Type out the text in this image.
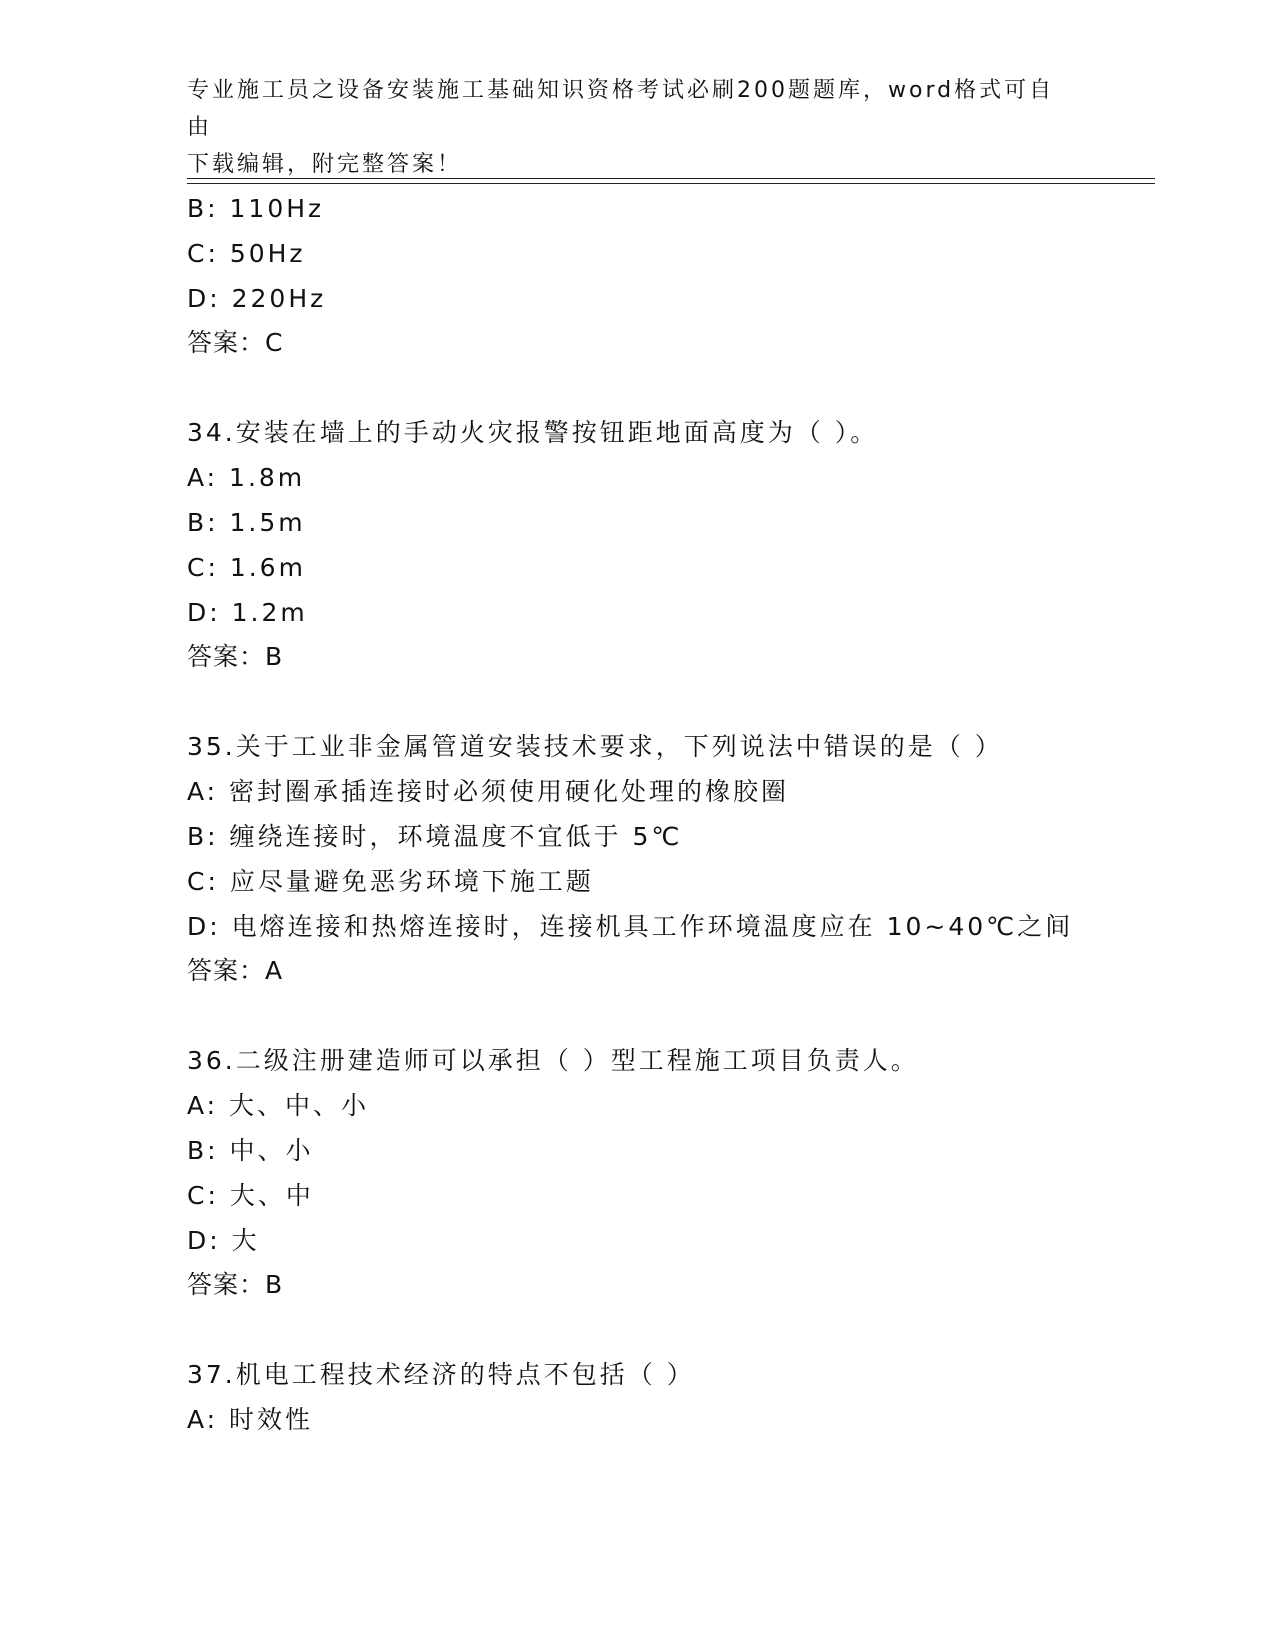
专业施工员之设备安装施工基础知识资格考试必刷200题题库，word格式可自由
下载编辑，附完整答案！
B: 110Hz
C: 50Hz
D: 220Hz
答案：C
34.安装在墙上的手动火灾报警按钮距地面高度为（ ）。
A: 1.8m
B: 1.5m
C: 1.6m
D: 1.2m
答案：B
35.关于工业非金属管道安装技术要求，下列说法中错误的是（ ）
A: 密封圈承插连接时必须使用硬化处理的橡胶圈
B: 缠绕连接时，环境温度不宜低于 5℃
C: 应尽量避免恶劣环境下施工题
D: 电熔连接和热熔连接时，连接机具工作环境温度应在 10~40℃之间
答案：A
36.二级注册建造师可以承担（ ）型工程施工项目负责人。
A: 大、中、小
B: 中、小
C: 大、中
D: 大
答案：B
37.机电工程技术经济的特点不包括（ ）
A: 时效性
